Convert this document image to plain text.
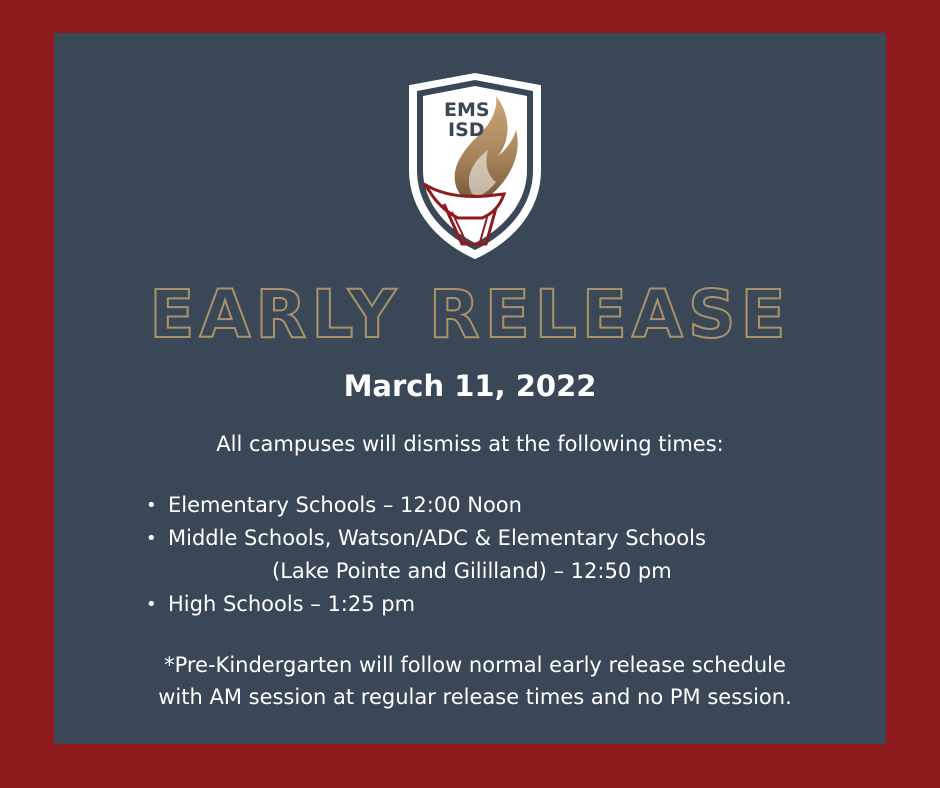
EMS
ISD
EARLY RELEASE
March 11, 2022

All campuses will dismiss at the following times:

• Elementary Schools – 12:00 Noon
• Middle Schools, Watson/ADC & Elementary Schools
(Lake Pointe and Gililland) – 12:50 pm
• High Schools – 1:25 pm

*Pre-Kindergarten will follow normal early release schedule
with AM session at regular release times and no PM session.
